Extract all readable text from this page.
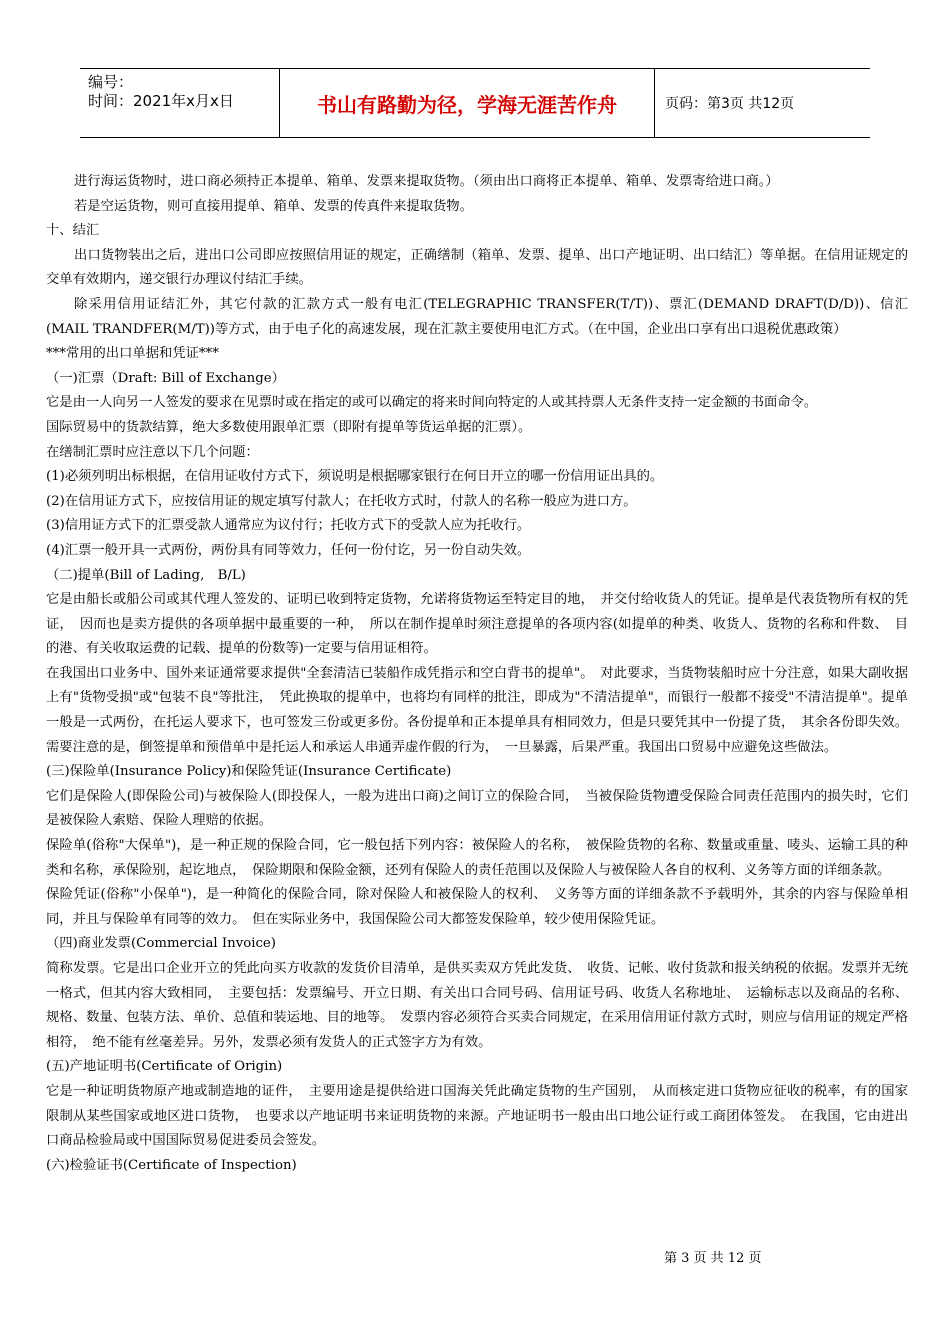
编号：
时间：2021年x月x日	书山有路勤为径，学海无涯苦作舟	页码：第3页 共12页

进行海运货物时，进口商必须持正本提单、箱单、发票来提取货物。（须由出口商将正本提单、箱单、发票寄给进口商。）

若是空运货物，则可直接用提单、箱单、发票的传真件来提取货物。

十、结汇

出口货物装出之后，进出口公司即应按照信用证的规定，正确缮制（箱单、发票、提单、出口产地证明、出口结汇）等单据。在信用证规定的交单有效期内，递交银行办理议付结汇手续。

除采用信用证结汇外，其它付款的汇款方式一般有电汇(TELEGRAPHIC TRANSFER(T/T))、票汇(DEMAND DRAFT(D/D))、信汇(MAIL TRANDFER(M/T))等方式，由于电子化的高速发展，现在汇款主要使用电汇方式。（在中国，企业出口享有出口退税优惠政策）

***常用的出口单据和凭证***

（一)汇票（Draft: Bill of Exchange）

它是由一人向另一人签发的要求在见票时或在指定的或可以确定的将来时间向特定的人或其持票人无条件支持一定金额的书面命令。

国际贸易中的货款结算，绝大多数使用跟单汇票（即附有提单等货运单据的汇票）。

在缮制汇票时应注意以下几个问题：

(1)必须列明出标根据，在信用证收付方式下，须说明是根据哪家银行在何日开立的哪一份信用证出具的。

(2)在信用证方式下，应按信用证的规定填写付款人；在托收方式时，付款人的名称一般应为进口方。

(3)信用证方式下的汇票受款人通常应为议付行；托收方式下的受款人应为托收行。

(4)汇票一般开具一式两份，两份具有同等效力，任何一份付讫，另一份自动失效。

（二)提单(Bill of Lading,　B/L)

它是由船长或船公司或其代理人签发的、证明已收到特定货物，允诺将货物运至特定目的地，　并交付给收货人的凭证。提单是代表货物所有权的凭证，　因而也是卖方提供的各项单据中最重要的一种，　所以在制作提单时须注意提单的各项内容(如提单的种类、收货人、货物的名称和件数、　目的港、有关收取运费的记载、提单的份数等)一定要与信用证相符。

在我国出口业务中、国外来证通常要求提供"全套清洁已装船作成凭指示和空白背书的提单"。　对此要求，当货物装船时应十分注意，如果大副收据上有"货物受损"或"包装不良"等批注，　凭此换取的提单中，也将均有同样的批注，即成为"不清洁提单"，而银行一般都不接受"不清洁提单"。提单一般是一式两份，在托运人要求下，也可签发三份或更多份。各份提单和正本提单具有相同效力，但是只要凭其中一份提了货，　其余各份即失效。需要注意的是，倒签提单和预借单中是托运人和承运人串通弄虚作假的行为，　一旦暴露，后果严重。我国出口贸易中应避免这些做法。

(三)保险单(Insurance Policy)和保险凭证(Insurance Certificate)

它们是保险人(即保险公司)与被保险人(即投保人，一般为进出口商)之间订立的保险合同，　当被保险货物遭受保险合同责任范围内的损失时，它们是被保险人索赔、保险人理赔的依据。

保险单(俗称"大保单")，是一种正规的保险合同，它一般包括下列内容：被保险人的名称，　被保险货物的名称、数量或重量、唛头、运输工具的种类和名称，承保险别，起讫地点，　保险期限和保险金额，还列有保险人的责任范围以及保险人与被保险人各自的权利、义务等方面的详细条款。

保险凭证(俗称"小保单")，是一种简化的保险合同，除对保险人和被保险人的权利、　义务等方面的详细条款不予载明外，其余的内容与保险单相同，并且与保险单有同等的效力。　但在实际业务中，我国保险公司大都签发保险单，较少使用保险凭证。

（四)商业发票(Commercial Invoice)

简称发票。它是出口企业开立的凭此向买方收款的发货价目清单，是供买卖双方凭此发货、　收货、记帐、收付货款和报关纳税的依据。发票并无统一格式，但其内容大致相同，　主要包括：发票编号、开立日期、有关出口合同号码、信用证号码、收货人名称地址、　运输标志以及商品的名称、规格、数量、包装方法、单价、总值和装运地、目的地等。　发票内容必须符合买卖合同规定，在采用信用证付款方式时，则应与信用证的规定严格相符，　绝不能有丝毫差异。另外，发票必须有发货人的正式签字方为有效。

(五)产地证明书(Certificate of Origin)

它是一种证明货物原产地或制造地的证件，　主要用途是提供给进口国海关凭此确定货物的生产国别，　从而核定进口货物应征收的税率，有的国家限制从某些国家或地区进口货物，　也要求以产地证明书来证明货物的来源。产地证明书一般由出口地公证行或工商团体签发。　在我国，它由进出口商品检验局或中国国际贸易促进委员会签发。

(六)检验证书(Certificate of Inspection)

第 3 页 共 12 页
